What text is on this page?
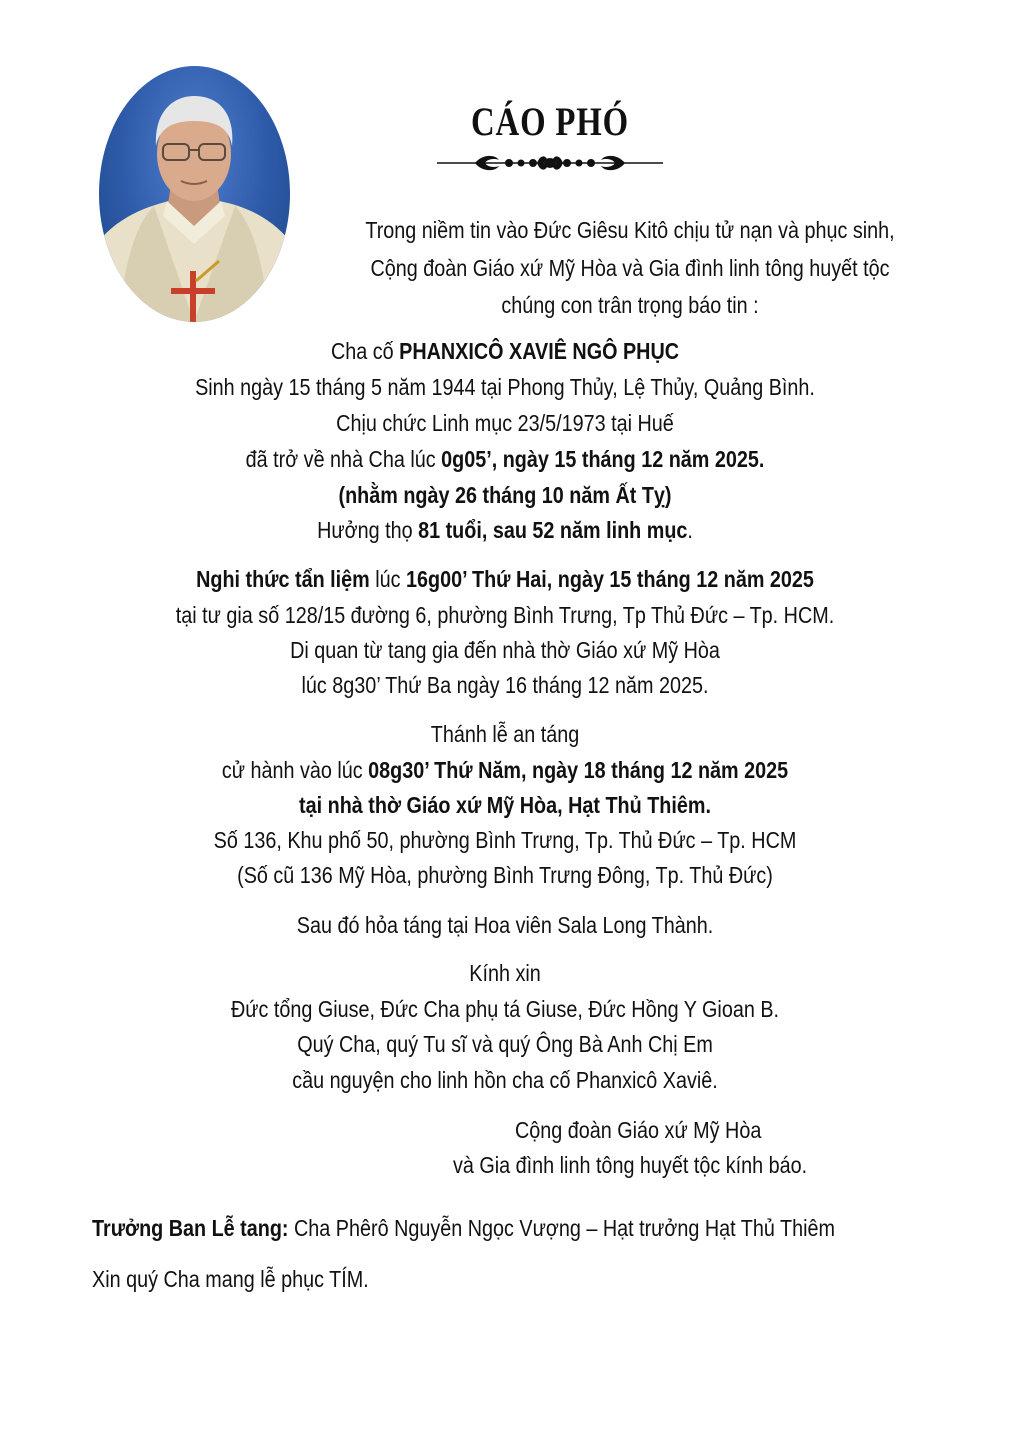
CÁO PHÓ
Trong niềm tin vào Đức Giêsu Kitô chịu tử nạn và phục sinh,
Cộng đoàn Giáo xứ Mỹ Hòa và Gia đình linh tông huyết tộc
chúng con trân trọng báo tin :
Cha cố PHANXICÔ XAVIÊ NGÔ PHỤC
Sinh ngày 15 tháng 5 năm 1944 tại Phong Thủy, Lệ Thủy, Quảng Bình.
Chịu chức Linh mục 23/5/1973 tại Huế
đã trở về nhà Cha lúc 0g05’, ngày 15 tháng 12 năm 2025.
(nhằm ngày 26 tháng 10 năm Ất Tỵ)
Hưởng thọ 81 tuổi, sau 52 năm linh mục.
Nghi thức tẩn liệm lúc 16g00’ Thứ Hai, ngày 15 tháng 12 năm 2025
tại tư gia số 128/15 đường 6, phường Bình Trưng, Tp Thủ Đức – Tp. HCM.
Di quan từ tang gia đến nhà thờ Giáo xứ Mỹ Hòa
lúc 8g30’ Thứ Ba ngày 16 tháng 12 năm 2025.
Thánh lễ an táng
cử hành vào lúc 08g30’ Thứ Năm, ngày 18 tháng 12 năm 2025
tại nhà thờ Giáo xứ Mỹ Hòa, Hạt Thủ Thiêm.
Số 136, Khu phố 50, phường Bình Trưng, Tp. Thủ Đức – Tp. HCM
(Số cũ 136 Mỹ Hòa, phường Bình Trưng Đông, Tp. Thủ Đức)
Sau đó hỏa táng tại Hoa viên Sala Long Thành.
Kính xin
Đức tổng Giuse, Đức Cha phụ tá Giuse, Đức Hồng Y Gioan B.
Quý Cha, quý Tu sĩ và quý Ông Bà Anh Chị Em
cầu nguyện cho linh hồn cha cố Phanxicô Xaviê.
Cộng đoàn Giáo xứ Mỹ Hòa
và Gia đình linh tông huyết tộc kính báo.
Trưởng Ban Lễ tang: Cha Phêrô Nguyễn Ngọc Vượng – Hạt trưởng Hạt Thủ Thiêm
Xin quý Cha mang lễ phục TÍM.
